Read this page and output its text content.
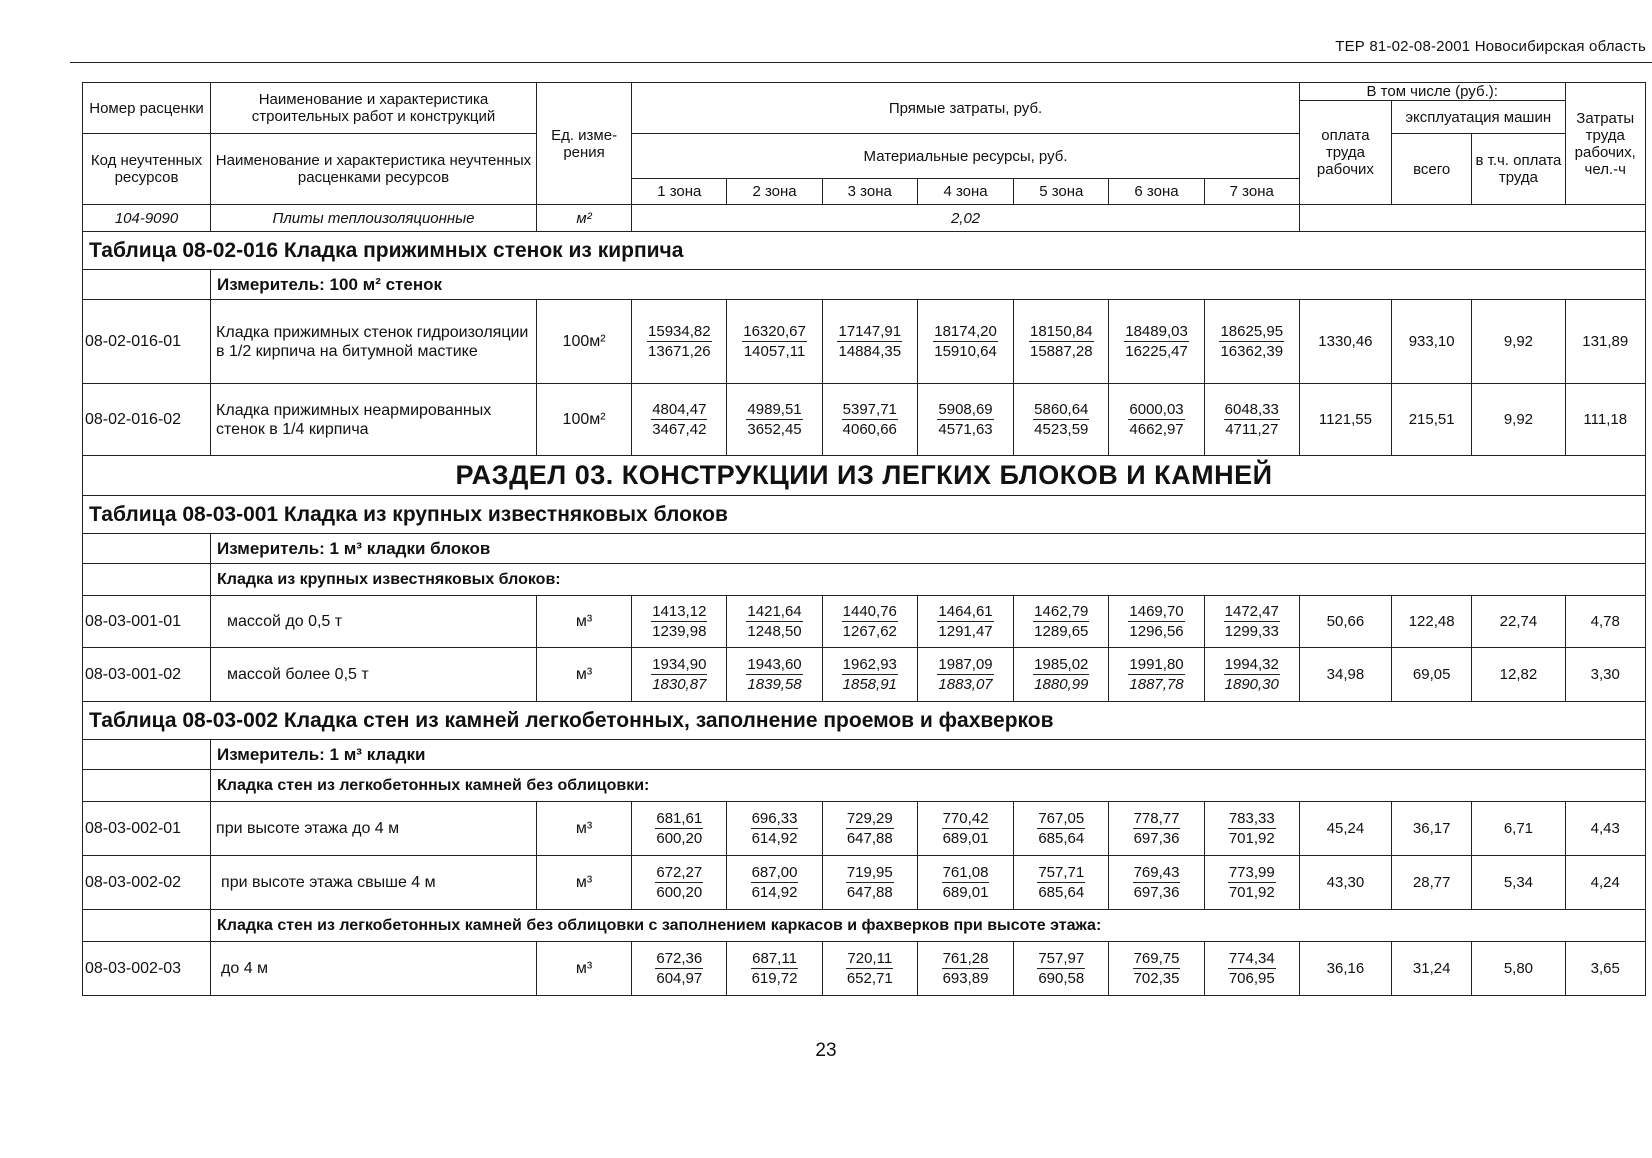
ТЕР 81-02-08-2001 Новосибирская область
Номер расценки	Наименование и характеристика строительных работ и конструкций	Ед. изме-рения	Прямые затраты, руб.							В том числе (руб.):			Затраты труда рабочих, чел.-ч
										оплата труда рабочих	эксплуатация машин		
Код неучтенных ресурсов	Наименование и характеристика неучтенных расценками ресурсов		Материальные ресурсы, руб.								всего	в т.ч. оплата труда	
			1 зона	2 зона	3 зона	4 зона	5 зона	6 зона	7 зона				
104-9090	Плиты теплоизоляционные	м²	2,02										
Таблица 08-02-016 Кладка прижимных стенок из кирпича													
	Измеритель: 100 м² стенок												
08-02-016-01	Кладка прижимных стенок гидроизоляции в 1/2 кирпича на битумной мастике	100м²	$\frac{15934,82}{13671,26}$	$\frac{16320,67}{14057,11}$	$\frac{17147,91}{14884,35}$	$\frac{18174,20}{15910,64}$	$\frac{18150,84}{15887,28}$	$\frac{18489,03}{16225,47}$	$\frac{18625,95}{16362,39}$	1330,46	933,10	9,92	131,89
08-02-016-02	Кладка прижимных неармированных стенок в 1/4 кирпича	100м²	$\frac{4804,47}{3467,42}$	$\frac{4989,51}{3652,45}$	$\frac{5397,71}{4060,66}$	$\frac{5908,69}{4571,63}$	$\frac{5860,64}{4523,59}$	$\frac{6000,03}{4662,97}$	$\frac{6048,33}{4711,27}$	1121,55	215,51	9,92	111,18
РАЗДЕЛ 03. КОНСТРУКЦИИ ИЗ ЛЕГКИХ БЛОКОВ И КАМНЕЙ													
Таблица 08-03-001 Кладка из крупных известняковых блоков													
	Измеритель: 1 м³ кладки блоков												
	Кладка из крупных известняковых блоков:												
08-03-001-01	массой до 0,5 т	м³	$\frac{1413,12}{1239,98}$	$\frac{1421,64}{1248,50}$	$\frac{1440,76}{1267,62}$	$\frac{1464,61}{1291,47}$	$\frac{1462,79}{1289,65}$	$\frac{1469,70}{1296,56}$	$\frac{1472,47}{1299,33}$	50,66	122,48	22,74	4,78
08-03-001-02	массой более 0,5 т	м³	$\frac{1934,90}{1830,87}$	$\frac{1943,60}{1839,58}$	$\frac{1962,93}{1858,91}$	$\frac{1987,09}{1883,07}$	$\frac{1985,02}{1880,99}$	$\frac{1991,80}{1887,78}$	$\frac{1994,32}{1890,30}$	34,98	69,05	12,82	3,30
Таблица 08-03-002 Кладка стен из камней легкобетонных, заполнение проемов и фахверков													
	Измеритель: 1 м³ кладки												
	Кладка стен из легкобетонных камней без облицовки:												
08-03-002-01	при высоте этажа до 4 м	м³	$\frac{681,61}{600,20}$	$\frac{696,33}{614,92}$	$\frac{729,29}{647,88}$	$\frac{770,42}{689,01}$	$\frac{767,05}{685,64}$	$\frac{778,77}{697,36}$	$\frac{783,33}{701,92}$	45,24	36,17	6,71	4,43
08-03-002-02	при высоте этажа свыше 4 м	м³	$\frac{672,27}{600,20}$	$\frac{687,00}{614,92}$	$\frac{719,95}{647,88}$	$\frac{761,08}{689,01}$	$\frac{757,71}{685,64}$	$\frac{769,43}{697,36}$	$\frac{773,99}{701,92}$	43,30	28,77	5,34	4,24
	Кладка стен из легкобетонных камней без облицовки с заполнением каркасов и фахверков при высоте этажа:												
08-03-002-03	до 4 м	м³	$\frac{672,36}{604,97}$	$\frac{687,11}{619,72}$	$\frac{720,11}{652,71}$	$\frac{761,28}{693,89}$	$\frac{757,97}{690,58}$	$\frac{769,75}{702,35}$	$\frac{774,34}{706,95}$	36,16	31,24	5,80	3,65
23
